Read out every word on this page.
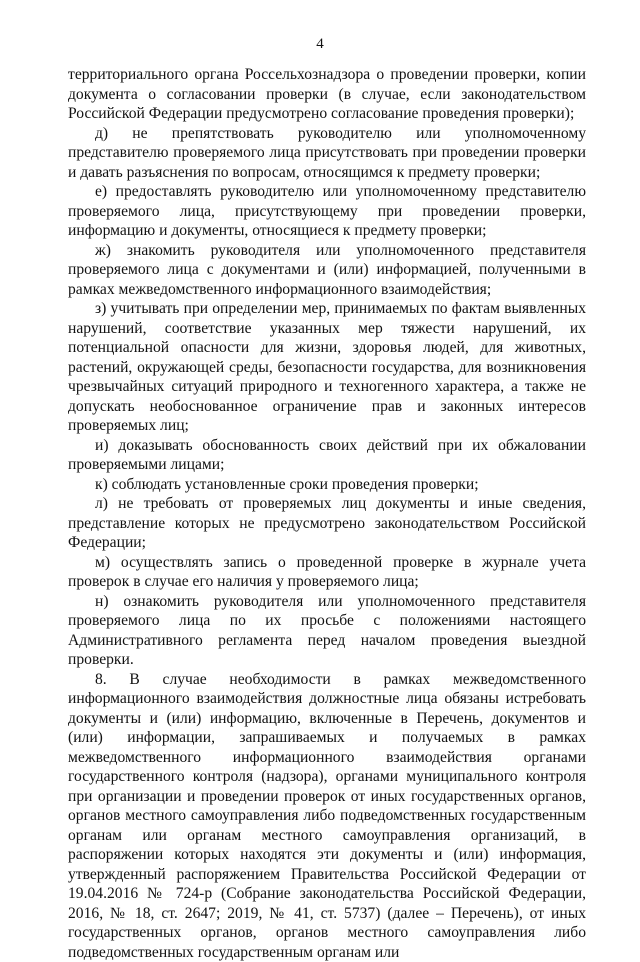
4

территориального органа Россельхознадзора о проведении проверки, копии документа о согласовании проверки (в случае, если законодательством Российской Федерации предусмотрено согласование проведения проверки);

д) не препятствовать руководителю или уполномоченному представителю проверяемого лица присутствовать при проведении проверки и давать разъяснения по вопросам, относящимся к предмету проверки;

е) предоставлять руководителю или уполномоченному представителю проверяемого лица, присутствующему при проведении проверки, информацию и документы, относящиеся к предмету проверки;

ж) знакомить руководителя или уполномоченного представителя проверяемого лица с документами и (или) информацией, полученными в рамках межведомственного информационного взаимодействия;

з) учитывать при определении мер, принимаемых по фактам выявленных нарушений, соответствие указанных мер тяжести нарушений, их потенциальной опасности для жизни, здоровья людей, для животных, растений, окружающей среды, безопасности государства, для возникновения чрезвычайных ситуаций природного и техногенного характера, а также не допускать необоснованное ограничение прав и законных интересов проверяемых лиц;

и) доказывать обоснованность своих действий при их обжаловании проверяемыми лицами;

к) соблюдать установленные сроки проведения проверки;

л) не требовать от проверяемых лиц документы и иные сведения, представление которых не предусмотрено законодательством Российской Федерации;

м) осуществлять запись о проведенной проверке в журнале учета проверок в случае его наличия у проверяемого лица;

н) ознакомить руководителя или уполномоченного представителя проверяемого лица по их просьбе с положениями настоящего Административного регламента перед началом проведения выездной проверки.

8. В случае необходимости в рамках межведомственного информационного взаимодействия должностные лица обязаны истребовать документы и (или) информацию, включенные в Перечень, документов и (или) информации, запрашиваемых и получаемых в рамках межведомственного информационного взаимодействия органами государственного контроля (надзора), органами муниципального контроля при организации и проведении проверок от иных государственных органов, органов местного самоуправления либо подведомственных государственным органам или органам местного самоуправления организаций, в распоряжении которых находятся эти документы и (или) информация, утвержденный распоряжением Правительства Российской Федерации от 19.04.2016 № 724-р (Собрание законодательства Российской Федерации, 2016, № 18, ст. 2647; 2019, № 41, ст. 5737) (далее – Перечень), от иных государственных органов, органов местного самоуправления либо подведомственных государственным органам или
